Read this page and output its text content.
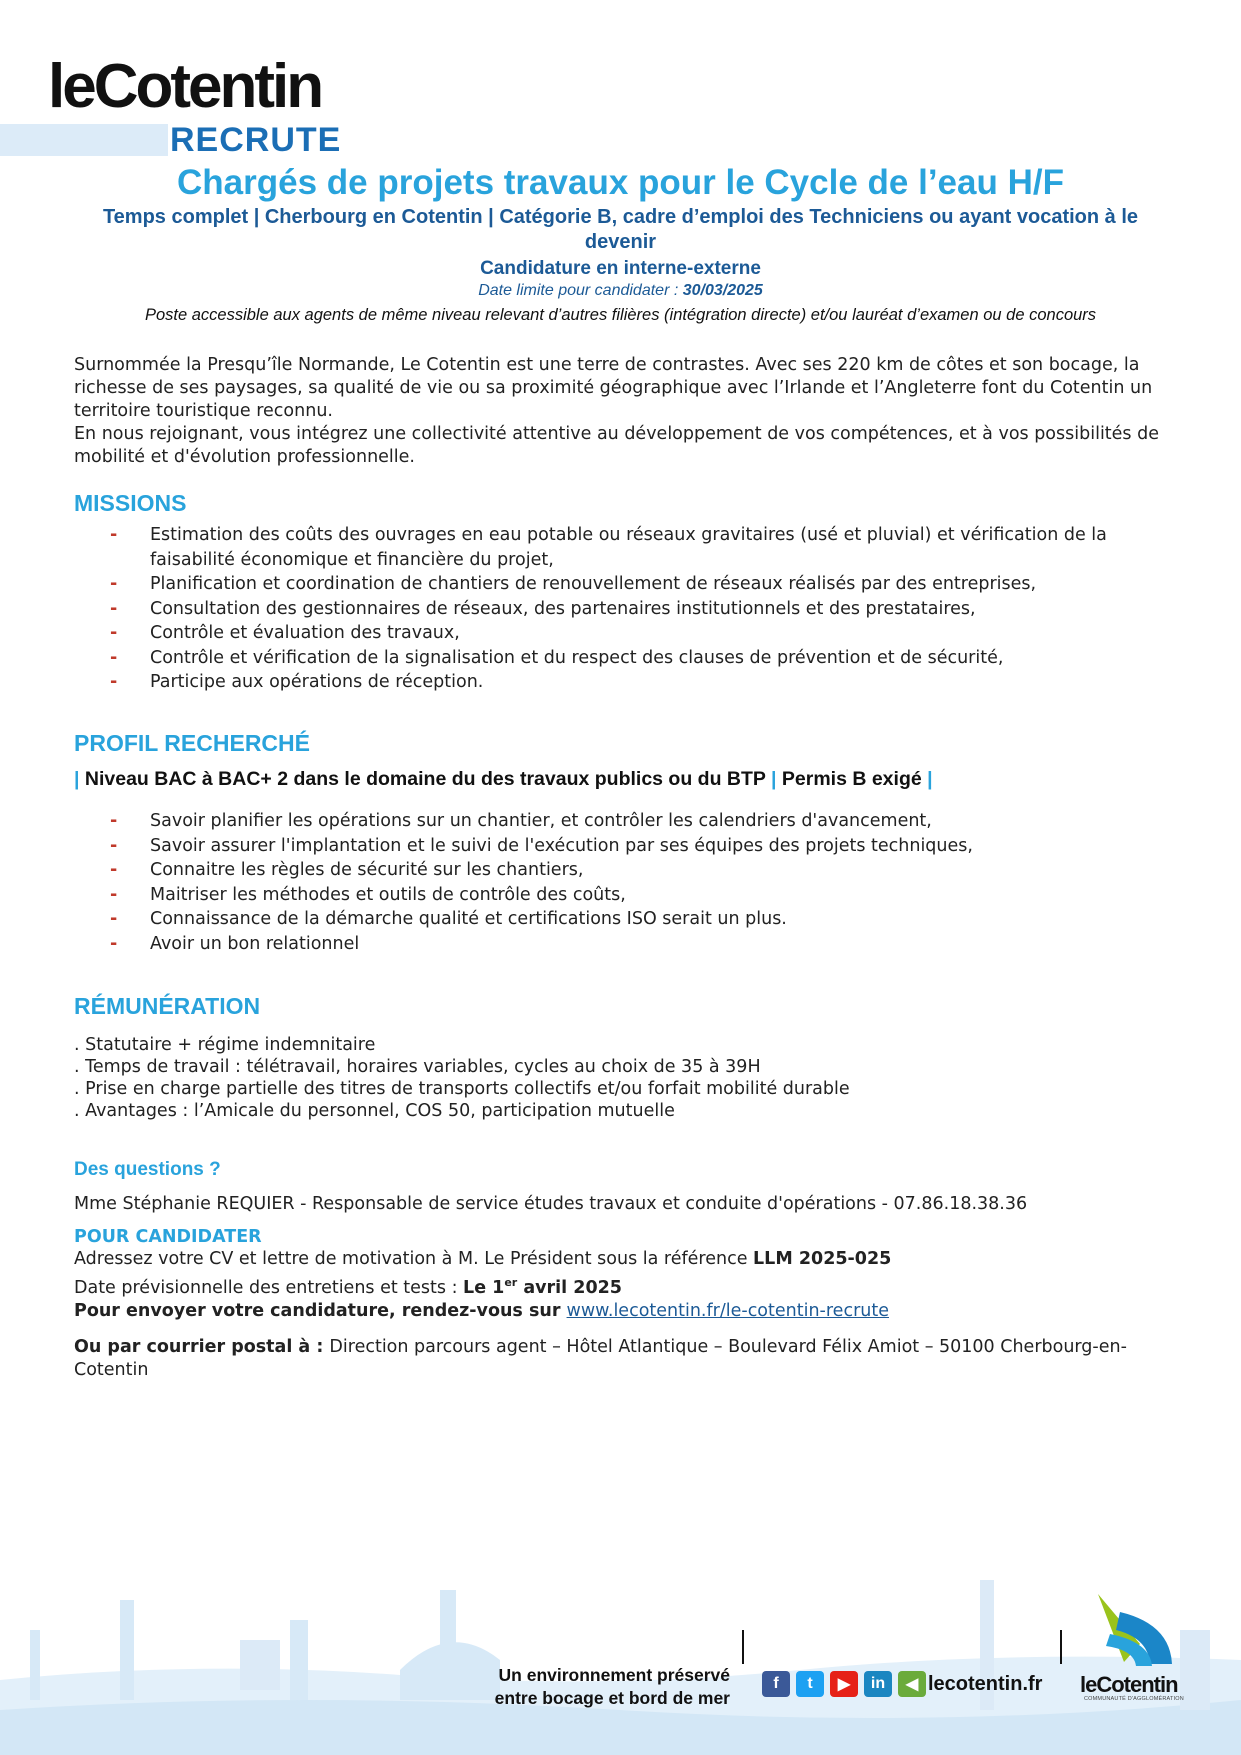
leCotentin
RECRUTE
Chargés de projets travaux pour le Cycle de l’eau H/F
Temps complet | Cherbourg en Cotentin | Catégorie B, cadre d’emploi des Techniciens ou ayant vocation à le devenir
Candidature en interne-externe
Date limite pour candidater : 30/03/2025
Poste accessible aux agents de même niveau relevant d’autres filières (intégration directe) et/ou lauréat d’examen ou de concours

Surnommée la Presqu’île Normande, Le Cotentin est une terre de contrastes. Avec ses 220 km de côtes et son bocage, la richesse de ses paysages, sa qualité de vie ou sa proximité géographique avec l’Irlande et l’Angleterre font du Cotentin un territoire touristique reconnu.

En nous rejoignant, vous intégrez une collectivité attentive au développement de vos compétences, et à vos possibilités de mobilité et d'évolution professionnelle.

MISSIONS
- Estimation des coûts des ouvrages en eau potable ou réseaux gravitaires (usé et pluvial) et vérification de la faisabilité économique et financière du projet,
- Planification et coordination de chantiers de renouvellement de réseaux réalisés par des entreprises,
- Consultation des gestionnaires de réseaux, des partenaires institutionnels et des prestataires,
- Contrôle et évaluation des travaux,
- Contrôle et vérification de la signalisation et du respect des clauses de prévention et de sécurité,
- Participe aux opérations de réception.
PROFIL RECHERCHÉ
| Niveau BAC à BAC+ 2 dans le domaine du des travaux publics ou du BTP | Permis B exigé |
- Savoir planifier les opérations sur un chantier, et contrôler les calendriers d'avancement,
- Savoir assurer l'implantation et le suivi de l'exécution par ses équipes des projets techniques,
- Connaitre les règles de sécurité sur les chantiers,
- Maitriser les méthodes et outils de contrôle des coûts,
- Connaissance de la démarche qualité et certifications ISO serait un plus.
- Avoir un bon relationnel
RÉMUNÉRATION
. Statutaire + régime indemnitaire
. Temps de travail : télétravail, horaires variables, cycles au choix de 35 à 39H
. Prise en charge partielle des titres de transports collectifs et/ou forfait mobilité durable
. Avantages : l’Amicale du personnel, COS 50, participation mutuelle
Des questions ?
Mme Stéphanie REQUIER - Responsable de service études travaux et conduite d'opérations - 07.86.18.38.36
POUR CANDIDATER
Adressez votre CV et lettre de motivation à M. Le Président sous la référence LLM 2025-025
Date prévisionnelle des entretiens et tests : Le 1er avril 2025
Pour envoyer votre candidature, rendez-vous sur www.lecotentin.fr/le-cotentin-recrute
Ou par courrier postal à : Direction parcours agent – Hôtel Atlantique – Boulevard Félix Amiot – 50100 Cherbourg-en-Cotentin
Un environnement préservé
entre bocage et bord de mer
f	t	▶	in	◀ lecotentin.fr leCotentin
COMMUNAUTÉ D'AGGLOMÉRATION
